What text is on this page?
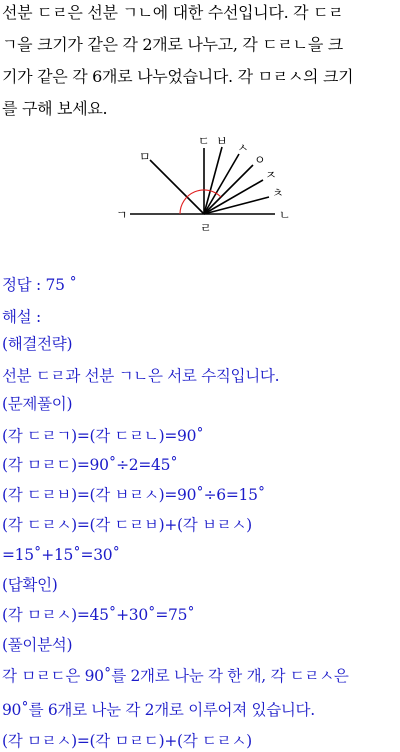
선분 ㄷㄹ은 선분 ㄱㄴ에 대한 수선입니다. 각 ㄷㄹ
ㄱ을 크기가 같은 각 2개로 나누고, 각 ㄷㄹㄴ을 크
기가 같은 각 6개로 나누었습니다. 각 ㅁㄹㅅ의 크기
를 구해 보세요.
ㄱ	ㄴ
ㄹ
ㄷ
ㅁ
ㅂ ㅅ
ㅇ
ㅈ
ㅊ
정답 : 75 ˚
해설 :
(해결전략)
선분 ㄷㄹ과 선분 ㄱㄴ은 서로 수직입니다.
(문제풀이)
(각 ㄷㄹㄱ)=(각 ㄷㄹㄴ)=90˚
(각 ㅁㄹㄷ)=90˚÷2=45˚
(각 ㄷㄹㅂ)=(각 ㅂㄹㅅ)=90˚÷6=15˚
(각 ㄷㄹㅅ)=(각 ㄷㄹㅂ)+(각 ㅂㄹㅅ)
=15˚+15˚=30˚
(답확인)
(각 ㅁㄹㅅ)=45˚+30˚=75˚
(풀이분석)
각 ㅁㄹㄷ은 90˚를 2개로 나눈 각 한 개, 각 ㄷㄹㅅ은
90˚를 6개로 나눈 각 2개로 이루어져 있습니다.
(각 ㅁㄹㅅ)=(각 ㅁㄹㄷ)+(각 ㄷㄹㅅ)
